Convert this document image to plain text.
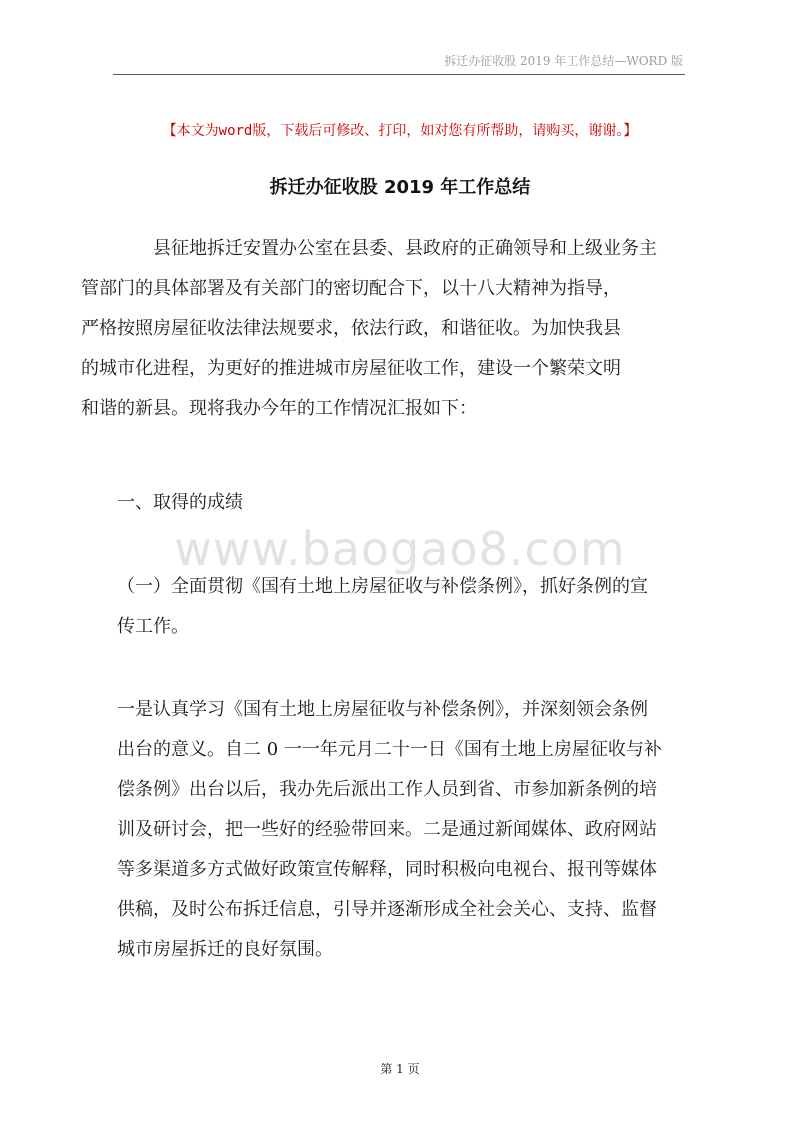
拆迁办征收股 2019 年工作总结—WORD 版
【本文为word版，下载后可修改、打印，如对您有所帮助，请购买，谢谢。】
拆迁办征收股 2019 年工作总结

县征地拆迁安置办公室在县委、县政府的正确领导和上级业务主
管部门的具体部署及有关部门的密切配合下，以十八大精神为指导，
严格按照房屋征收法律法规要求，依法行政，和谐征收。为加快我县
的城市化进程，为更好的推进城市房屋征收工作，建设一个繁荣文明
和谐的新县。现将我办今年的工作情况汇报如下：

一、取得的成绩
www.baogao8.com

（一）全面贯彻《国有土地上房屋征收与补偿条例》，抓好条例的宣
传工作。

一是认真学习《国有土地上房屋征收与补偿条例》，并深刻领会条例
出台的意义。自二 0 一一年元月二十一日《国有土地上房屋征收与补
偿条例》出台以后，我办先后派出工作人员到省、市参加新条例的培
训及研讨会，把一些好的经验带回来。二是通过新闻媒体、政府网站
等多渠道多方式做好政策宣传解释，同时积极向电视台、报刊等媒体
供稿，及时公布拆迁信息，引导并逐渐形成全社会关心、支持、监督
城市房屋拆迁的良好氛围。

第 1 页
